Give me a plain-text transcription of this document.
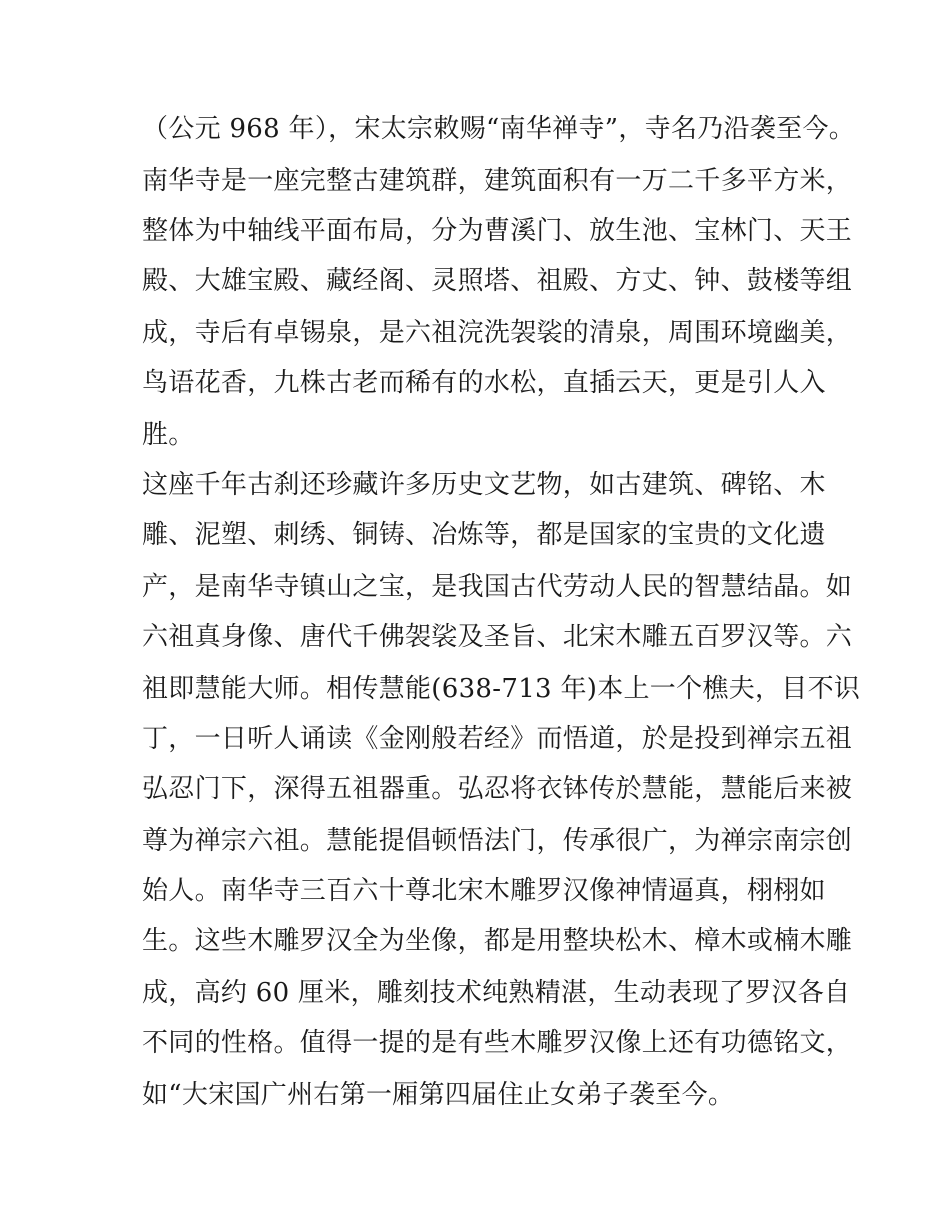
（公元 968 年），宋太宗敕赐“南华禅寺”，寺名乃沿袭至今。
南华寺是一座完整古建筑群，建筑面积有一万二千多平方米，
整体为中轴线平面布局，分为曹溪门、放生池、宝林门、天王
殿、大雄宝殿、藏经阁、灵照塔、祖殿、方丈、钟、鼓楼等组
成，寺后有卓锡泉，是六祖浣洗袈裟的清泉，周围环境幽美，
鸟语花香，九株古老而稀有的水松，直插云天，更是引人入
胜。
这座千年古刹还珍藏许多历史文艺物，如古建筑、碑铭、木
雕、泥塑、刺绣、铜铸、冶炼等，都是国家的宝贵的文化遗
产，是南华寺镇山之宝，是我国古代劳动人民的智慧结晶。如
六祖真身像、唐代千佛袈裟及圣旨、北宋木雕五百罗汉等。六
祖即慧能大师。相传慧能(638-713 年)本上一个樵夫，目不识
丁，一日听人诵读《金刚般若经》而悟道，於是投到禅宗五祖
弘忍门下，深得五祖器重。弘忍将衣钵传於慧能，慧能后来被
尊为禅宗六祖。慧能提倡顿悟法门，传承很广，为禅宗南宗创
始人。南华寺三百六十尊北宋木雕罗汉像神情逼真，栩栩如
生。这些木雕罗汉全为坐像，都是用整块松木、樟木或楠木雕
成，高约 60 厘米，雕刻技术纯熟精湛，生动表现了罗汉各自
不同的性格。值得一提的是有些木雕罗汉像上还有功德铭文，
如“大宋国广州右第一厢第四届住止女弟子袭至今。
